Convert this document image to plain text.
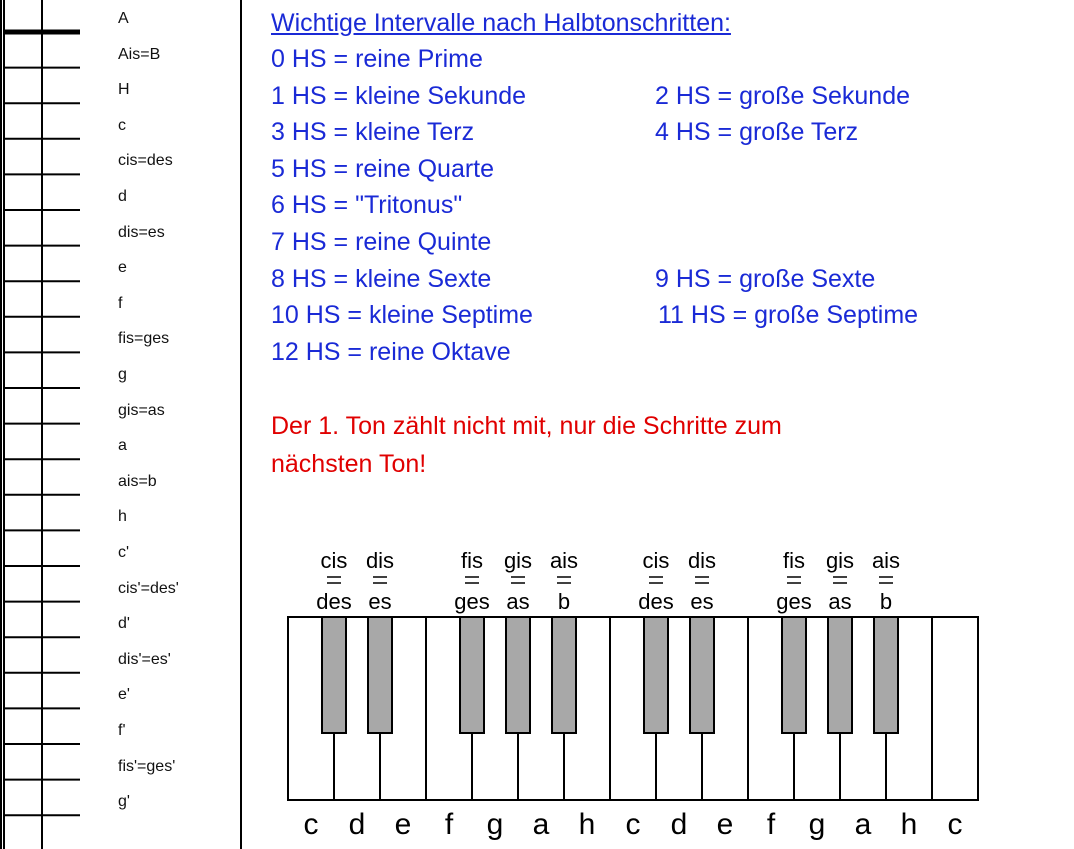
A
Ais=B
H
c
cis=des
d
dis=es
e
f
fis=ges
g
gis=as
a
ais=b
h
c'
cis'=des'
d'
dis'=es'
e'
f'
fis'=ges'
g'
Wichtige Intervalle nach Halbtonschritten:
0 HS = reine Prime
1 HS = kleine Sekunde	2 HS = große Sekunde
3 HS = kleine Terz	4 HS = große Terz
5 HS = reine Quarte
6 HS = "Tritonus"
7 HS = reine Quinte
8 HS = kleine Sexte	9 HS = große Sexte
10 HS = kleine Septime	11 HS = große Septime
12 HS = reine Oktave
Der 1. Ton zählt nicht mit, nur die Schritte zum
nächsten Ton!
cis
des
dis
es
fis
ges
gis
as
ais
b
cis
des
dis
es
fis
ges
gis
as
ais
b
c d e f g a h c d e f g a h c
